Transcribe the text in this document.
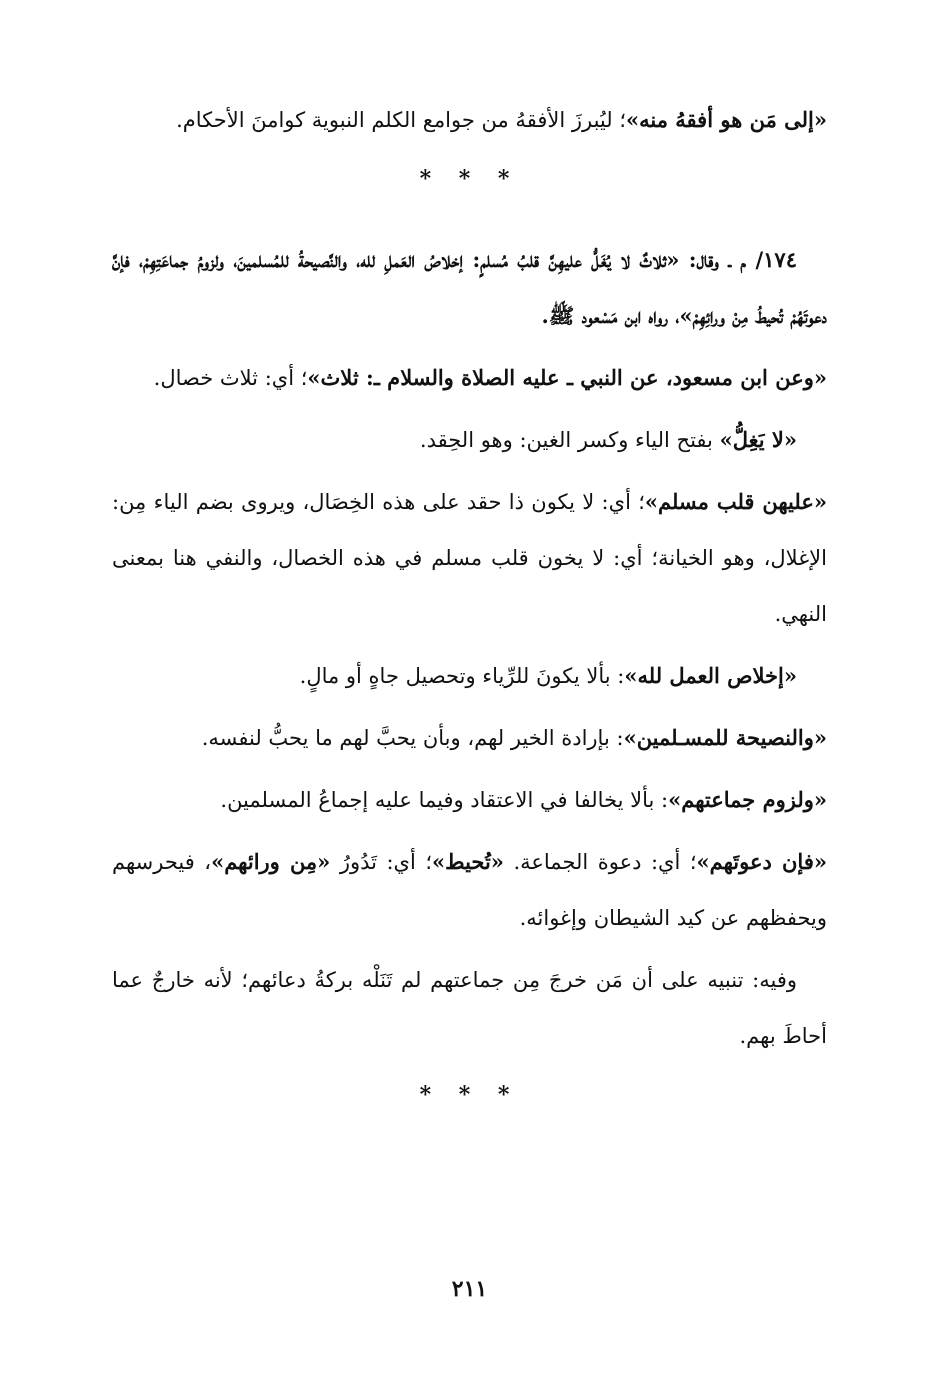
«إلى مَن هو أفقهُ منه»؛ ليُبرزَ الأفقهُ من جوامع الكلم النبوية كوامنَ الأحكام.

* * *

١٧٤/ م ـ وقال: «ثلاثٌ لا يُغَلُّ عليهِنَّ قلبُ مُسلمٍ: إخلاصُ العَملِ لله، والنَّصيحةُ للمُسلمينَ، ولزومُ جماعَتِهِمْ، فإنَّ دعوتَهُمْ تُحيطُ مِنْ ورائِهِمْ»، رواه ابن مَسْعود ﷺ.

«وعن ابن مسعود، عن النبي ـ عليه الصلاة والسلام ـ: ثلاث»؛ أي: ثلاث خصال.

«لا يَغِلُّ» بفتح الياء وكسر الغين: وهو الحِقد.

«عليهن قلب مسلم»؛ أي: لا يكون ذا حقد على هذه الخِصَال، ويروى بضم الياء مِن: الإغلال، وهو الخيانة؛ أي: لا يخون قلب مسلم في هذه الخصال، والنفي هنا بمعنى النهي.

«إخلاص العمل لله»: بألا يكونَ للرِّياء وتحصيل جاهٍ أو مالٍ.

«والنصيحة للمسـلمين»: بإرادة الخير لهم، وبأن يحبَّ لهم ما يحبُّ لنفسه.

«ولزوم جماعتهم»: بألا يخالفا في الاعتقاد وفيما عليه إجماعُ المسلمين.

«فإن دعوتَهم»؛ أي: دعوة الجماعة. «تُحيط»؛ أي: تَدُورُ «مِن ورائهم»، فيحرسهم ويحفظهم عن كيد الشيطان وإغوائه.

وفيه: تنبيه على أن مَن خرجَ مِن جماعتهم لم تَنَلْه بركةُ دعائهم؛ لأنه خارجٌ عما أحاطَ بهم.

* * *
٢١١
